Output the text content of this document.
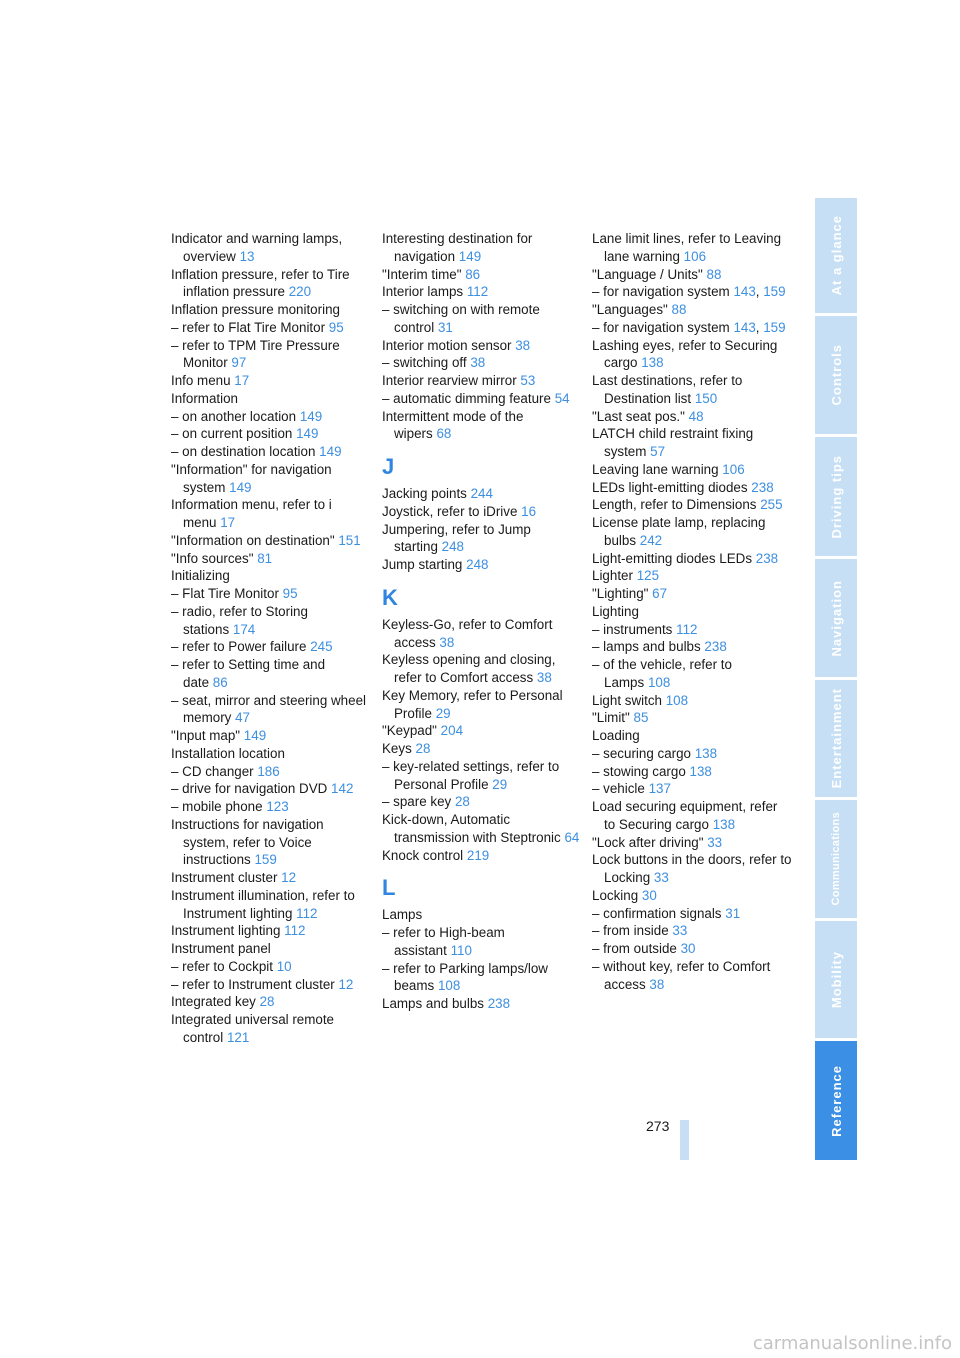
Indicator and warning lamps, overview 13
Inflation pressure, refer to Tire inflation pressure 220
Inflation pressure monitoring
– refer to Flat Tire Monitor 95
– refer to TPM Tire Pressure Monitor 97
Info menu 17
Information
– on another location 149
– on current position 149
– on destination location 149
"Information" for navigation system 149
Information menu, refer to i menu 17
"Information on destination" 151
"Info sources" 81
Initializing
– Flat Tire Monitor 95
– radio, refer to Storing stations 174
– refer to Power failure 245
– refer to Setting time and date 86
– seat, mirror and steering wheel memory 47
"Input map" 149
Installation location
– CD changer 186
– drive for navigation DVD 142
– mobile phone 123
Instructions for navigation system, refer to Voice instructions 159
Instrument cluster 12
Instrument illumination, refer to Instrument lighting 112
Instrument lighting 112
Instrument panel
– refer to Cockpit 10
– refer to Instrument cluster 12
Integrated key 28
Integrated universal remote control 121
Interesting destination for navigation 149
"Interim time" 86
Interior lamps 112
– switching on with remote control 31
Interior motion sensor 38
– switching off 38
Interior rearview mirror 53
– automatic dimming feature 54
Intermittent mode of the wipers 68
J
Jacking points 244
Joystick, refer to iDrive 16
Jumpering, refer to Jump starting 248
Jump starting 248
K
Keyless-Go, refer to Comfort access 38
Keyless opening and closing, refer to Comfort access 38
Key Memory, refer to Personal Profile 29
"Keypad" 204
Keys 28
– key-related settings, refer to Personal Profile 29
– spare key 28
Kick-down, Automatic transmission with Steptronic 64
Knock control 219
L
Lamps
– refer to High-beam assistant 110
– refer to Parking lamps/low beams 108
Lamps and bulbs 238
Lane limit lines, refer to Leaving lane warning 106
"Language / Units" 88
– for navigation system 143, 159
"Languages" 88
– for navigation system 143, 159
Lashing eyes, refer to Securing cargo 138
Last destinations, refer to Destination list 150
"Last seat pos." 48
LATCH child restraint fixing system 57
Leaving lane warning 106
LEDs light-emitting diodes 238
Length, refer to Dimensions 255
License plate lamp, replacing bulbs 242
Light-emitting diodes LEDs 238
Lighter 125
"Lighting" 67
Lighting
– instruments 112
– lamps and bulbs 238
– of the vehicle, refer to Lamps 108
Light switch 108
"Limit" 85
Loading
– securing cargo 138
– stowing cargo 138
– vehicle 137
Load securing equipment, refer to Securing cargo 138
"Lock after driving" 33
Lock buttons in the doors, refer to Locking 33
Locking 30
– confirmation signals 31
– from inside 33
– from outside 30
– without key, refer to Comfort access 38
At a glance
Controls
Driving tips
Navigation
Entertainment
Communications
Mobility
Reference
273
carmanualsonline.info
